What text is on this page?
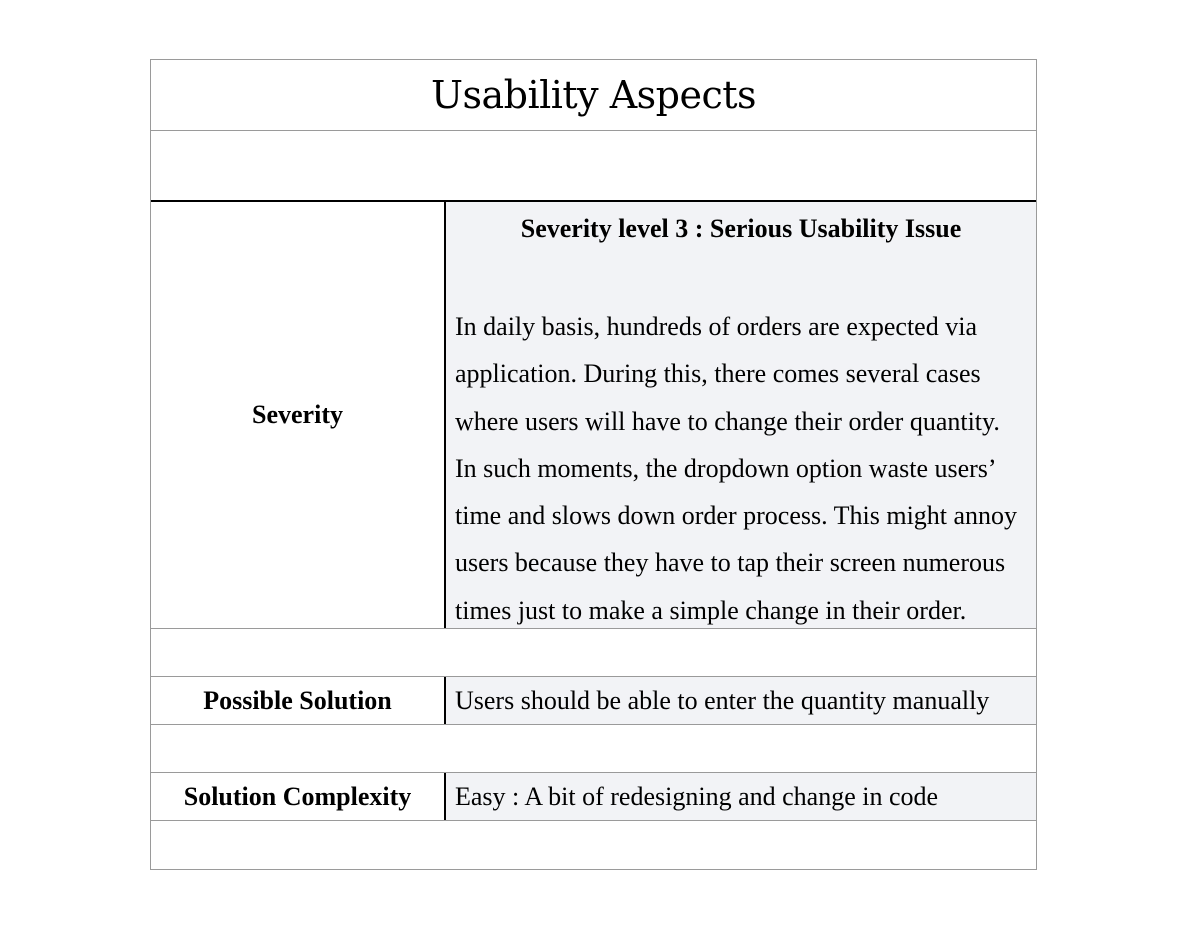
Usability Aspects
Severity
Severity level 3 : Serious Usability Issue
In daily basis, hundreds of orders are expected via application. During this, there comes several cases where users will have to change their order quantity. In such moments, the dropdown option waste users’ time and slows down order process. This might annoy users because they have to tap their screen numerous times just to make a simple change in their order.
Possible Solution	Users should be able to enter the quantity manually
Solution Complexity	Easy : A bit of redesigning and change in code
